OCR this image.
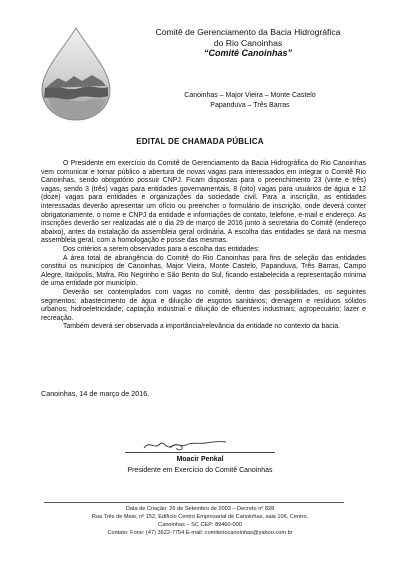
Comitê de Gerenciamento da Bacia Hidrográfica
do Rio Canoinhas
“Comitê Canoinhas”
Canoinhas – Major Vieira – Monte Castelo
Papanduva – Três Barras
EDITAL DE CHAMADA PÚBLICA

O Presidente em exercício do Comitê de Gerenciamento da Bacia Hidrográfica do Rio Canoinhas vem comunicar e tornar público a abertura de novas vagas para interessados em integrar o Comitê Rio Canoinhas, sendo obrigatório possuir CNPJ. Ficam dispostas para o preenchimento 23 (vinte e três) vagas, sendo 3 (três) vagas para entidades governamentais, 8 (oito) vagas para usuários de água e 12 (doze) vagas para entidades e organizações da sociedade civil. Para a inscrição, as entidades interessadas deverão apresentar um ofício ou preencher o formulário de inscrição, onde deverá conter obrigatoriamente, o nome e CNPJ da entidade e informações de contato, telefone, e-mail e endereço. As inscrições deverão ser realizadas até o dia 29 de março de 2016 junto à secretaria do Comitê (endereço abaixo), antes da instalação da assembleia geral ordinária. A escolha das entidades se dará na mesma assembleia geral, com a homologação e posse das mesmas.

Dos critérios a serem observados para a escolha das entidades:

A área total de abrangência do Comitê do Rio Canoinhas para fins de seleção das entidades constitui os municípios de Canoinhas, Major Vieira, Monte Castelo, Papanduva, Três Barras, Campo Alegre, Itaiópolis, Mafra, Rio Negrinho e São Bento do Sul, ficando estabelecida a representação mínima de uma entidade por município.

Deverão ser contemplados com vagas no comitê, dentro das possibilidades, os seguintes segmentos: abastecimento de água e diluição de esgotos sanitários; drenagem e resíduos sólidos urbanos; hidroeletricidade; captação industrial e diluição de efluentes industriais; agropecuário; lazer e recreação.

Também deverá ser observada a importância/relevância da entidade no contexto da bacia.

Canoinhas, 14 de março de 2016.
Moacir Penkal
Presidente em Exercício do Comitê Canoinhas
Data de Criação: 26 de Setembro de 2003 – Decreto nº 828
Rua Três de Maio, nº 152, Edifício Centro Empresarial de Canoinhas, sala 106, Centro.
Canoinhas – SC CEP: 89460-000
Contato: Fone: (47) 3622-7754 E-mail: comiteriocanoinhas@yahoo.com.br
